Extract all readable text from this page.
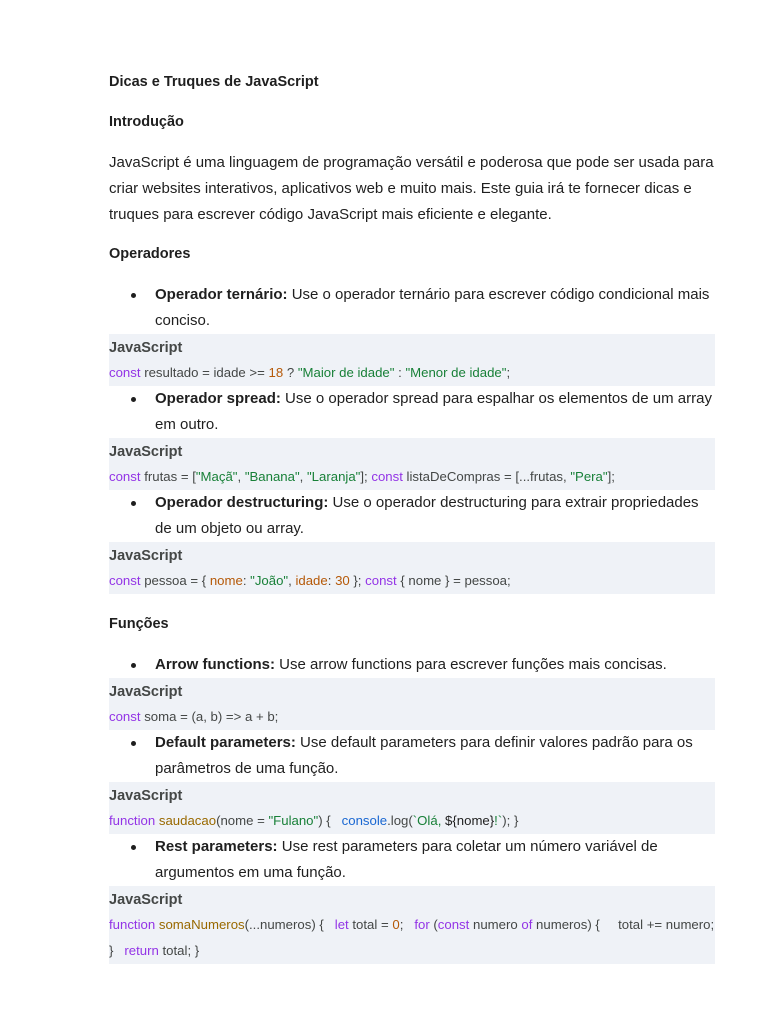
Dicas e Truques de JavaScript

Introdução

JavaScript é uma linguagem de programação versátil e poderosa que pode ser usada para criar websites interativos, aplicativos web e muito mais. Este guia irá te fornecer dicas e truques para escrever código JavaScript mais eficiente e elegante.

Operadores

Operador ternário: Use o operador ternário para escrever código condicional mais conciso.
JavaScript
const resultado = idade >= 18 ? "Maior de idade" : "Menor de idade";
Operador spread: Use o operador spread para espalhar os elementos de um array em outro.
JavaScript
const frutas = ["Maçã", "Banana", "Laranja"]; const listaDeCompras = [...frutas, "Pera"];
Operador destructuring: Use o operador destructuring para extrair propriedades de um objeto ou array.
JavaScript
const pessoa = { nome: "João", idade: 30 }; const { nome } = pessoa;

Funções

Arrow functions: Use arrow functions para escrever funções mais concisas.
JavaScript
const soma = (a, b) => a + b;
Default parameters: Use default parameters para definir valores padrão para os parâmetros de uma função.
JavaScript
function saudacao(nome = "Fulano") {   console.log(`Olá, ${nome}!`); }
Rest parameters: Use rest parameters para coletar um número variável de argumentos em uma função.
JavaScript
function somaNumeros(...numeros) {   let total = 0;   for (const numero of numeros) {     total += numero;   }   return total; }
